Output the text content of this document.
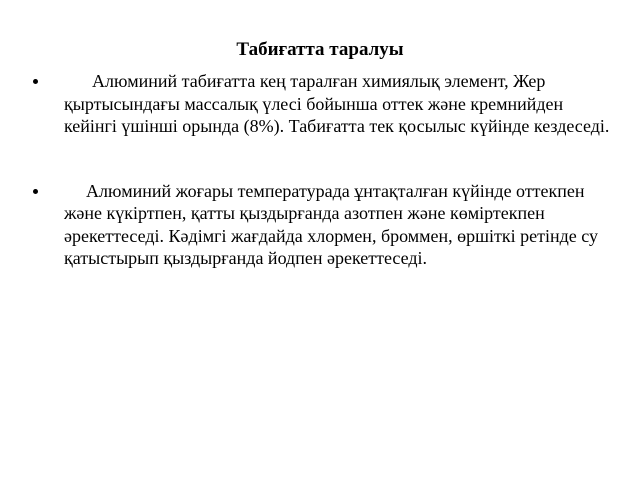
Табиғатта таралуы
Алюминий табиғатта кең таралған химиялық элемент, Жер қыртысындағы массалық үлесі бойынша оттек және кремнийден кейінгі үшінші орында (8%). Табиғатта тек қосылыс күйінде кездеседі.
Алюминий жоғары температурада ұнтақталған күйінде оттекпен және күкіртпен, қатты қыздырғанда азотпен және көміртекпен әрекеттеседі. Кәдімгі жағдайда хлормен, броммен, өршіткі ретінде су қатыстырып қыздырғанда йодпен әрекеттеседі.
